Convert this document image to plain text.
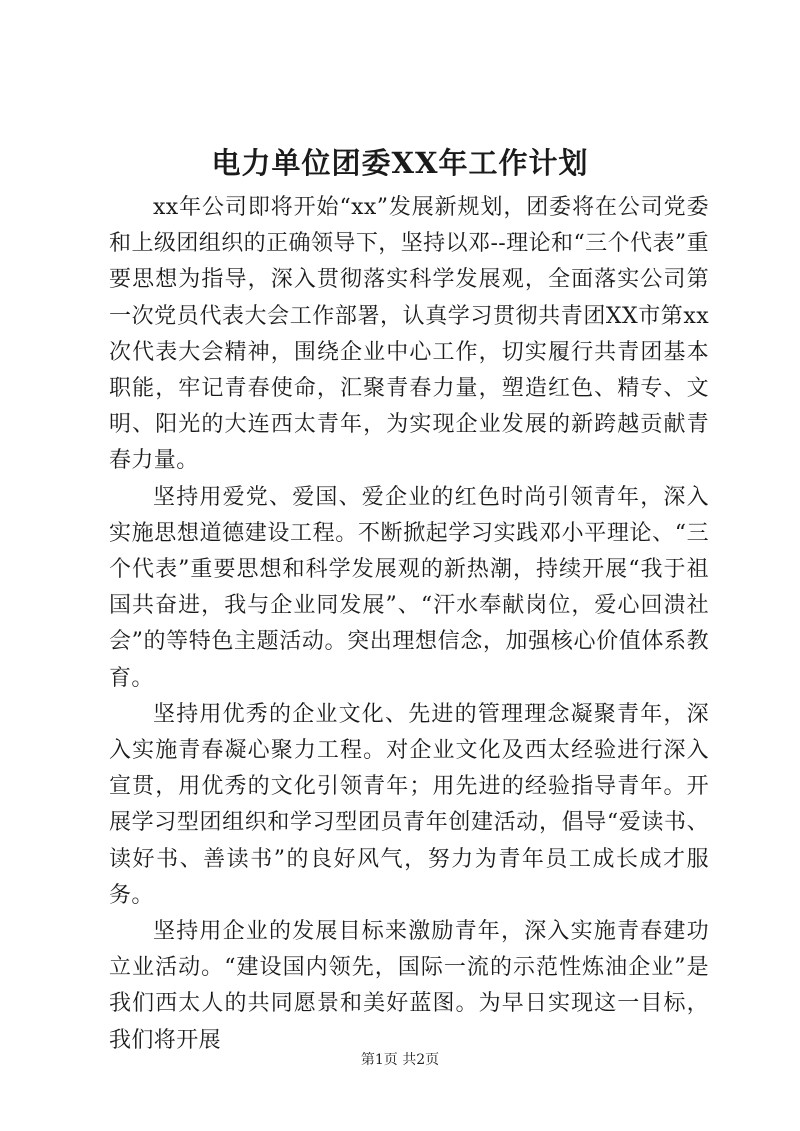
电力单位团委XX年工作计划

xx年公司即将开始“xx”发展新规划，团委将在公司党委和上级团组织的正确领导下，坚持以邓--理论和“三个代表”重要思想为指导，深入贯彻落实科学发展观，全面落实公司第一次党员代表大会工作部署，认真学习贯彻共青团XX市第xx次代表大会精神，围绕企业中心工作，切实履行共青团基本职能，牢记青春使命，汇聚青春力量，塑造红色、精专、文明、阳光的大连西太青年，为实现企业发展的新跨越贡献青春力量。

坚持用爱党、爱国、爱企业的红色时尚引领青年，深入实施思想道德建设工程。不断掀起学习实践邓小平理论、“三个代表”重要思想和科学发展观的新热潮，持续开展“我于祖国共奋进，我与企业同发展”、“汗水奉献岗位，爱心回溃社会”的等特色主题活动。突出理想信念，加强核心价值体系教育。

坚持用优秀的企业文化、先进的管理理念凝聚青年，深入实施青春凝心聚力工程。对企业文化及西太经验进行深入宣贯，用优秀的文化引领青年；用先进的经验指导青年。开展学习型团组织和学习型团员青年创建活动，倡导“爱读书、读好书、善读书”的良好风气，努力为青年员工成长成才服务。

坚持用企业的发展目标来激励青年，深入实施青春建功立业活动。“建设国内领先，国际一流的示范性炼油企业”是我们西太人的共同愿景和美好蓝图。为早日实现这一目标，我们将开展

第1页 共2页
